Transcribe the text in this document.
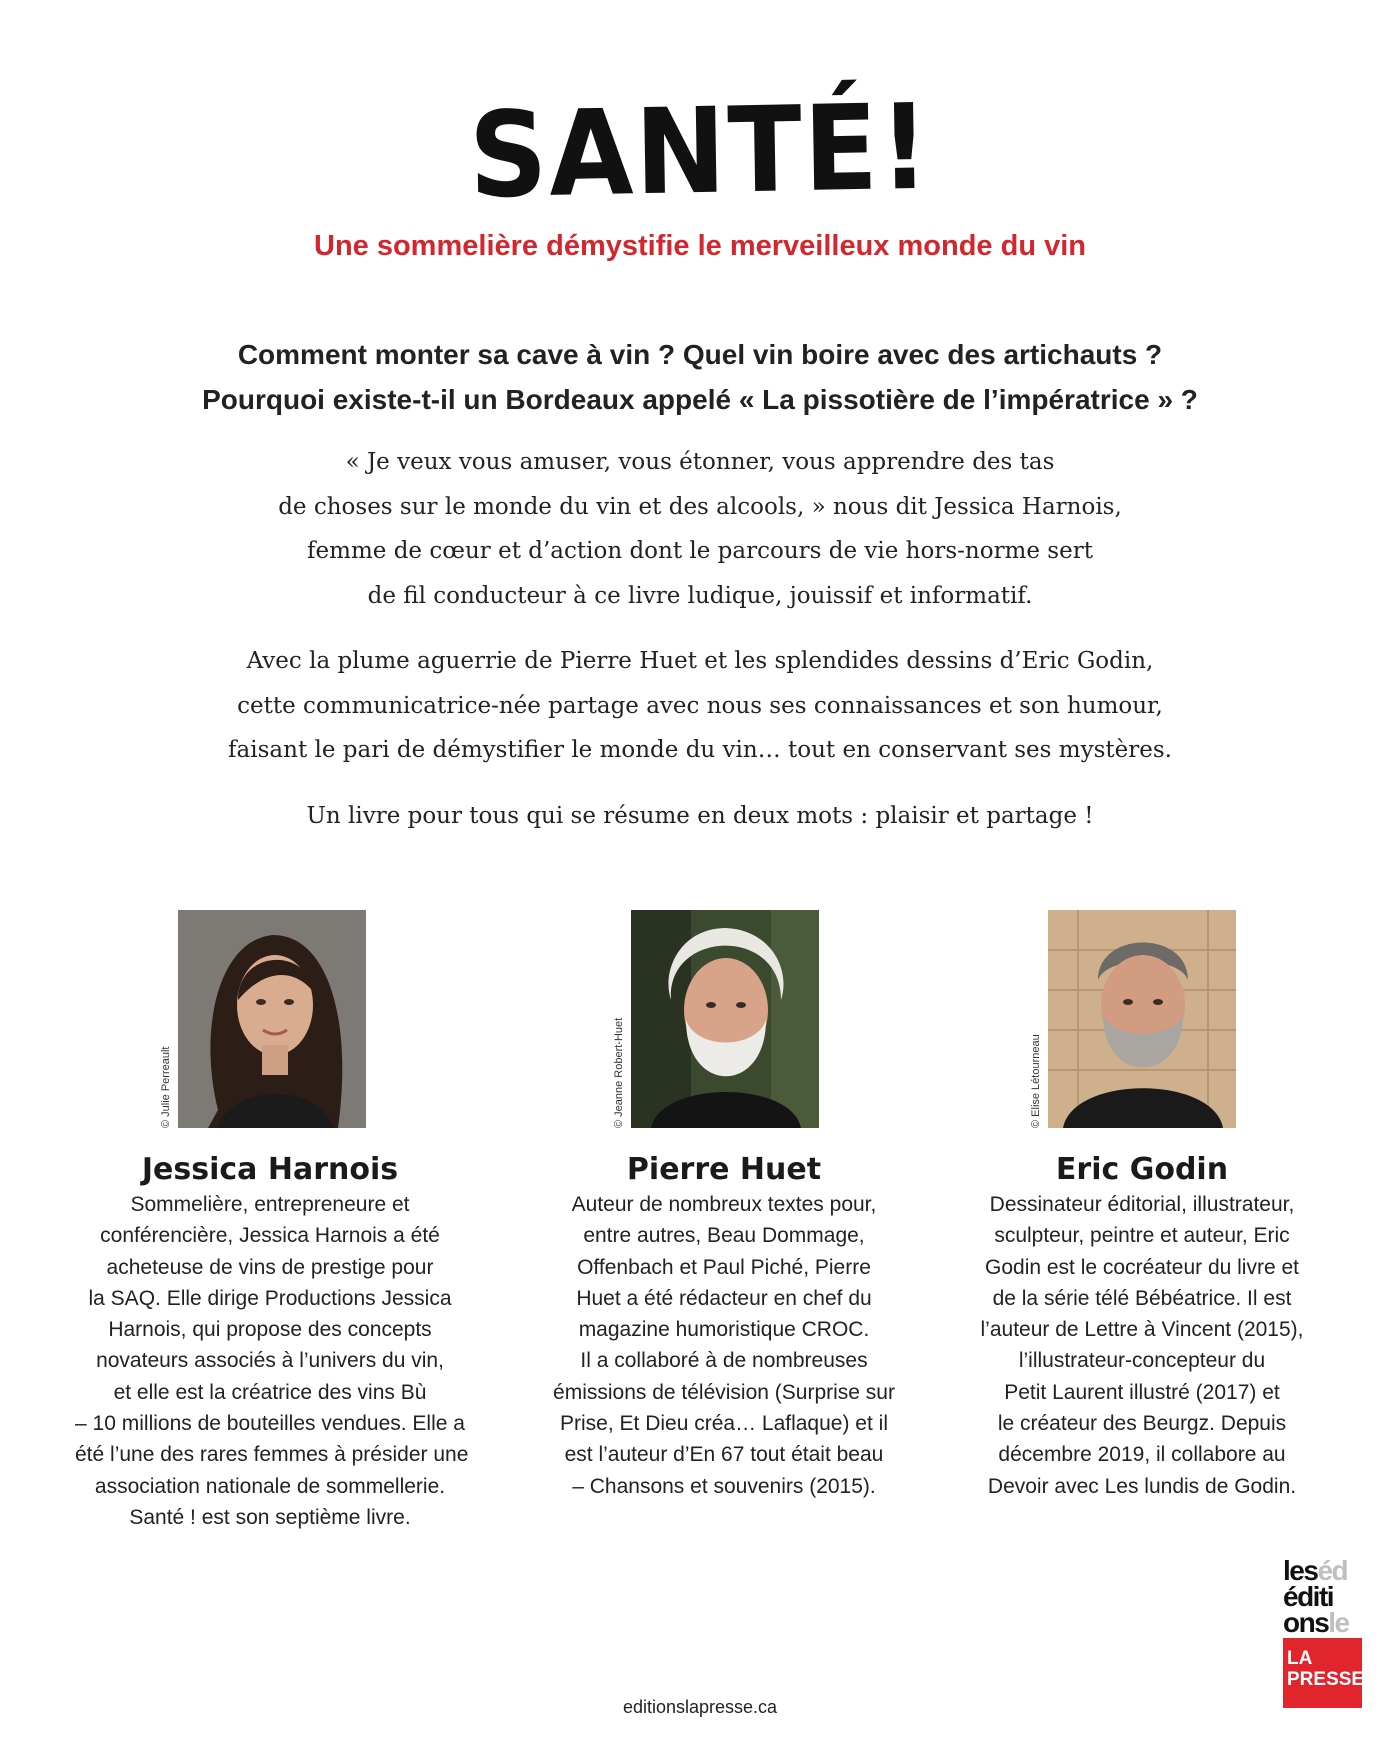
SANTÉ!
Une sommelière démystifie le merveilleux monde du vin
Comment monter sa cave à vin ? Quel vin boire avec des artichauts ?
Pourquoi existe-t-il un Bordeaux appelé « La pissotière de l’impératrice » ?
« Je veux vous amuser, vous étonner, vous apprendre des tas
de choses sur le monde du vin et des alcools, » nous dit Jessica Harnois,
femme de cœur et d’action dont le parcours de vie hors-norme sert
de fil conducteur à ce livre ludique, jouissif et informatif.
Avec la plume aguerrie de Pierre Huet et les splendides dessins d’Eric Godin,
cette communicatrice-née partage avec nous ses connaissances et son humour,
faisant le pari de démystifier le monde du vin… tout en conservant ses mystères.
Un livre pour tous qui se résume en deux mots : plaisir et partage !
© Julie Perreault	© Jeanne Robert-Huet	© Elise Létourneau
Jessica Harnois
Sommelière, entrepreneure et
conférencière, Jessica Harnois a été
acheteuse de vins de prestige pour
la SAQ. Elle dirige Productions Jessica
Harnois, qui propose des concepts
novateurs associés à l’univers du vin,
et elle est la créatrice des vins Bù
– 10 millions de bouteilles vendues. Elle a
été l’une des rares femmes à présider une
association nationale de sommellerie.
Santé ! est son septième livre.
Pierre Huet
Auteur de nombreux textes pour,
entre autres, Beau Dommage,
Offenbach et Paul Piché, Pierre
Huet a été rédacteur en chef du
magazine humoristique CROC.
Il a collaboré à de nombreuses
émissions de télévision (Surprise sur
Prise, Et Dieu créa… Laflaque) et il
est l’auteur d’En 67 tout était beau
– Chansons et souvenirs (2015).
Eric Godin
Dessinateur éditorial, illustrateur,
sculpteur, peintre et auteur, Eric
Godin est le cocréateur du livre et
de la série télé Bébéatrice. Il est
l’auteur de Lettre à Vincent (2015),
l’illustrateur-concepteur du
Petit Laurent illustré (2017) et
le créateur des Beurgz. Depuis
décembre 2019, il collabore au
Devoir avec Les lundis de Godin.
editionslapresse.ca
leséd
éditi
onsle
LA
PRESSE
